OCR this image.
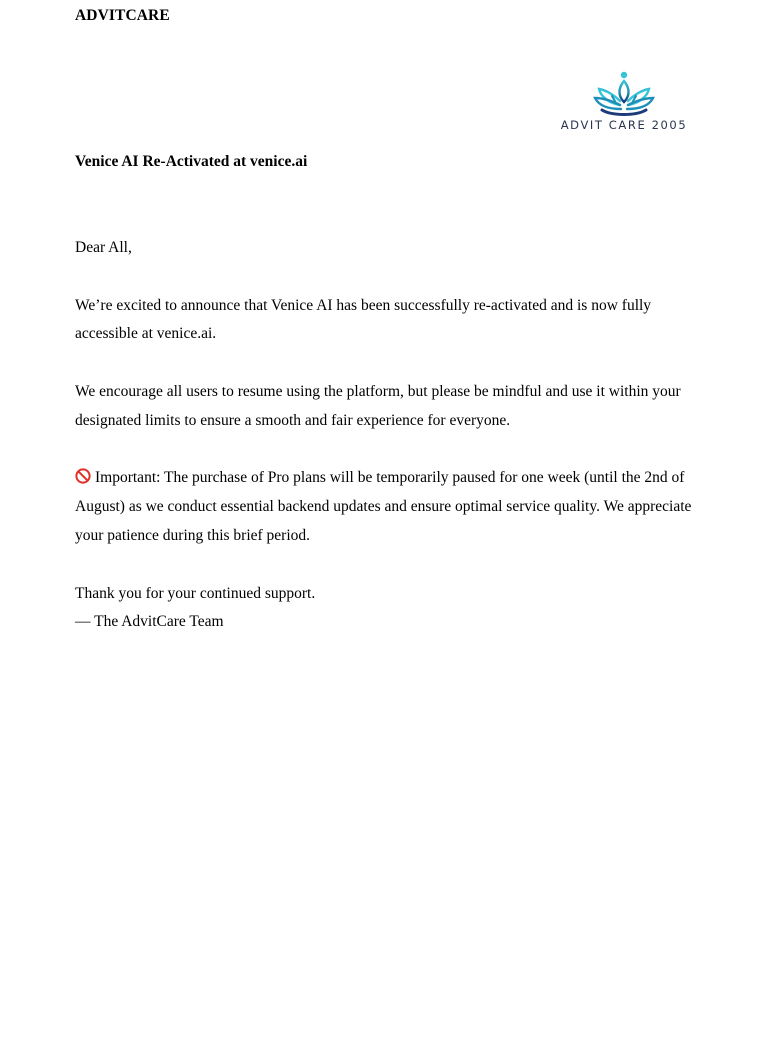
ADVITCARE
ADVIT CARE 2005
Venice AI Re-Activated at venice.ai

Dear All,

We’re excited to announce that Venice AI has been successfully re-activated and is now fully accessible at venice.ai.

We encourage all users to resume using the platform, but please be mindful and use it within your designated limits to ensure a smooth and fair experience for everyone.

Important: The purchase of Pro plans will be temporarily paused for one week (until the 2nd of August) as we conduct essential backend updates and ensure optimal service quality. We appreciate your patience during this brief period.

Thank you for your continued support.

— The AdvitCare Team
